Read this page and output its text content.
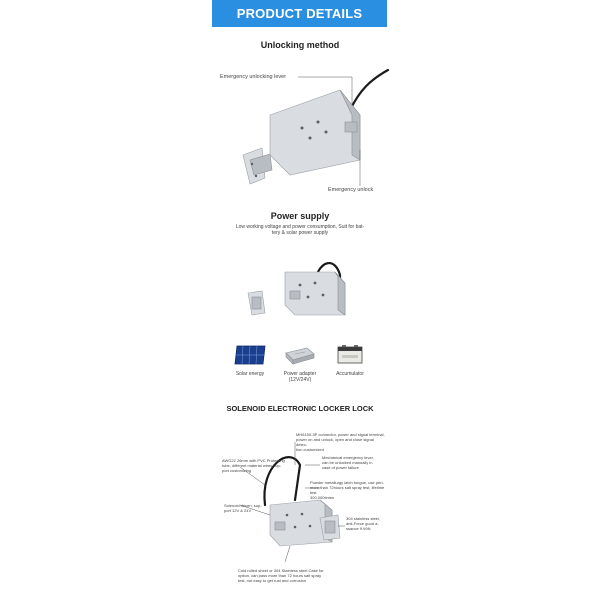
PRODUCT DETAILS
Unlocking method
Emergency unlocking lever
Emergency unlock
Power supply
Low working voltage and power consumption, Suit for bat-
tery & solar power supply
Solar energy	Power adapter
(12V/24V)
Accumulator
SOLENOID ELECTRONIC LOCKER LOCK
MH6150-3P connector, power and signal terminal,
power on and unlock, open and close signal detec-
tion customized
Mechanical emergency lever,
can be unlocked manually in
case of power failure
AWG22 26mm with PVC Protecting
tube, different material wires sup-
port customizing
Powder metallurgy latch tongue, use peri-
more than 72hours salt spray test, lifetime test
300,000times
Solenoid driven, sup-
port 12V & 24V
304 stainless steel,
anti-Force good a-
ssance 9.99N
Cold rolled sheet or 304 Stainless steel Case for
option, can pass more than 72 hours salt spray
test, not easy to get rust and corrosion
